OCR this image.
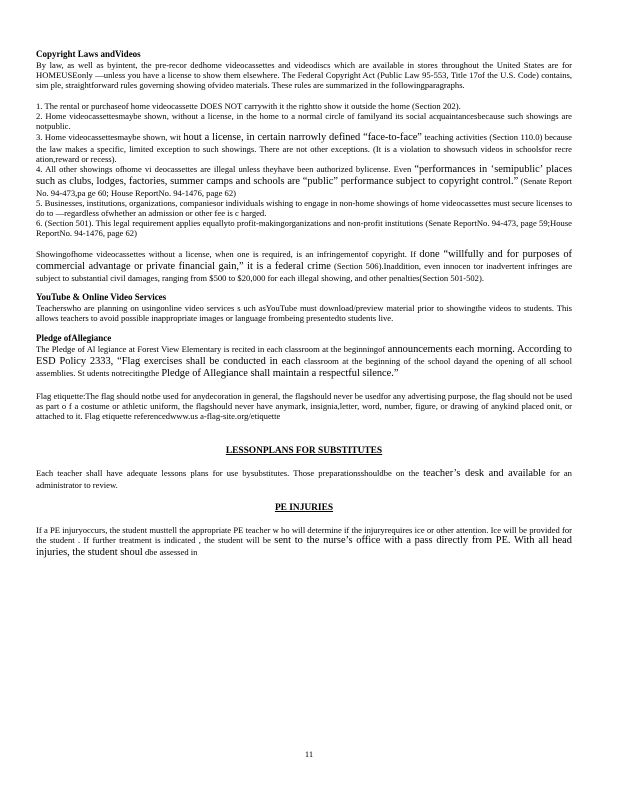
Copyright Laws andVideos

By law, as well as byintent, the pre-recor dedhome videocassettes and videodiscs which are available in stores throughout the United States are for HOMEUSEonly —unless you have a license to show them elsewhere. The Federal Copyright Act (Public Law 95-553, Title 17of the U.S. Code) contains, sim ple, straightforward rules governing showing ofvideo materials. These rules are summarized in the followingparagraphs.

1. The rental or purchaseof home videocassette DOES NOT carrywith it the rightto show it outside the home (Section 202).

2. Home videocassettesmaybe shown, without a license, in the home to a normal circle of familyand its social acquaintancesbecause such showings are notpublic.

3. Home videocassettesmaybe shown, wit hout a license, in certain narrowly defined “face-to-face” teaching activities (Section 110.0) because the law makes a specific, limited exception to such showings. There are not other exceptions. (It is a violation to showsuch videos in schoolsfor recre ation,reward or recess).

4. All other showings ofhome vi deocassettes are illegal unless theyhave been authorized bylicense. Even “performances in ‘semipublic’ places such as clubs, lodges, factories, summer camps and schools are “public” performance subject to copyright control.” (Senate Report No. 94-473,pa ge 60; House ReportNo. 94-1476, page 62)

5. Businesses, institutions, organizations, companiesor individuals wishing to engage in non-home showings of home videocassettes must secure licenses to do to —regardless ofwhether an admission or other fee is c harged.

6. (Section 501). This legal requirement applies equallyto profit-makingorganizations and non-profit institutions (Senate ReportNo. 94-473, page 59;House ReportNo. 94-1476, page 62)

Showingofhome videocassettes without a license, when one is required, is an infringementof copyright. If done “willfully and for purposes of commercial advantage or private financial gain,” it is a federal crime (Section 506).Inaddition, even innocen tor inadvertent infringes are subject to substantial civil damages, ranging from $500 to $20,000 for each illegal showing, and other penalties(Section 501-502).

YouTube & Online Video Services

Teacherswho are planning on usingonline video services s uch asYouTube must download/preview material prior to showingthe videos to students. This allows teachers to avoid possible inappropriate images or language frombeing presentedto students live.

Pledge ofAllegiance

The Pledge of Al legiance at Forest View Elementary is recited in each classroom at the beginningof announcements each morning. According to ESD Policy 2333, “Flag exercises shall be conducted in each classroom at the beginning of the school dayand the opening of all school assemblies. St udents notrecitingthe Pledge of Allegiance shall maintain a respectful silence.”

Flag etiquette:The flag should notbe used for anydecoration in general, the flagshould never be usedfor any advertising purpose, the flag should not be used as part o f a costume or athletic uniform, the flagshould never have anymark, insignia,letter, word, number, figure, or drawing of anykind placed onit, or attached to it. Flag etiquette referencedwww.us a-flag-site.org/etiquette

LESSONPLANS FOR SUBSTITUTES

Each teacher shall have adequate lessons plans for use bysubstitutes. Those preparationsshouldbe on the teacher’s desk and available for an administrator to review.

PE INJURIES

If a PE injuryoccurs, the student musttell the appropriate PE teacher w ho will determine if the injuryrequires ice or other attention. Ice will be provided for the student . If further treatment is indicated , the student will be sent to the nurse’s office with a pass directly from PE. With all head injuries, the student shoul dbe assessed in

11
